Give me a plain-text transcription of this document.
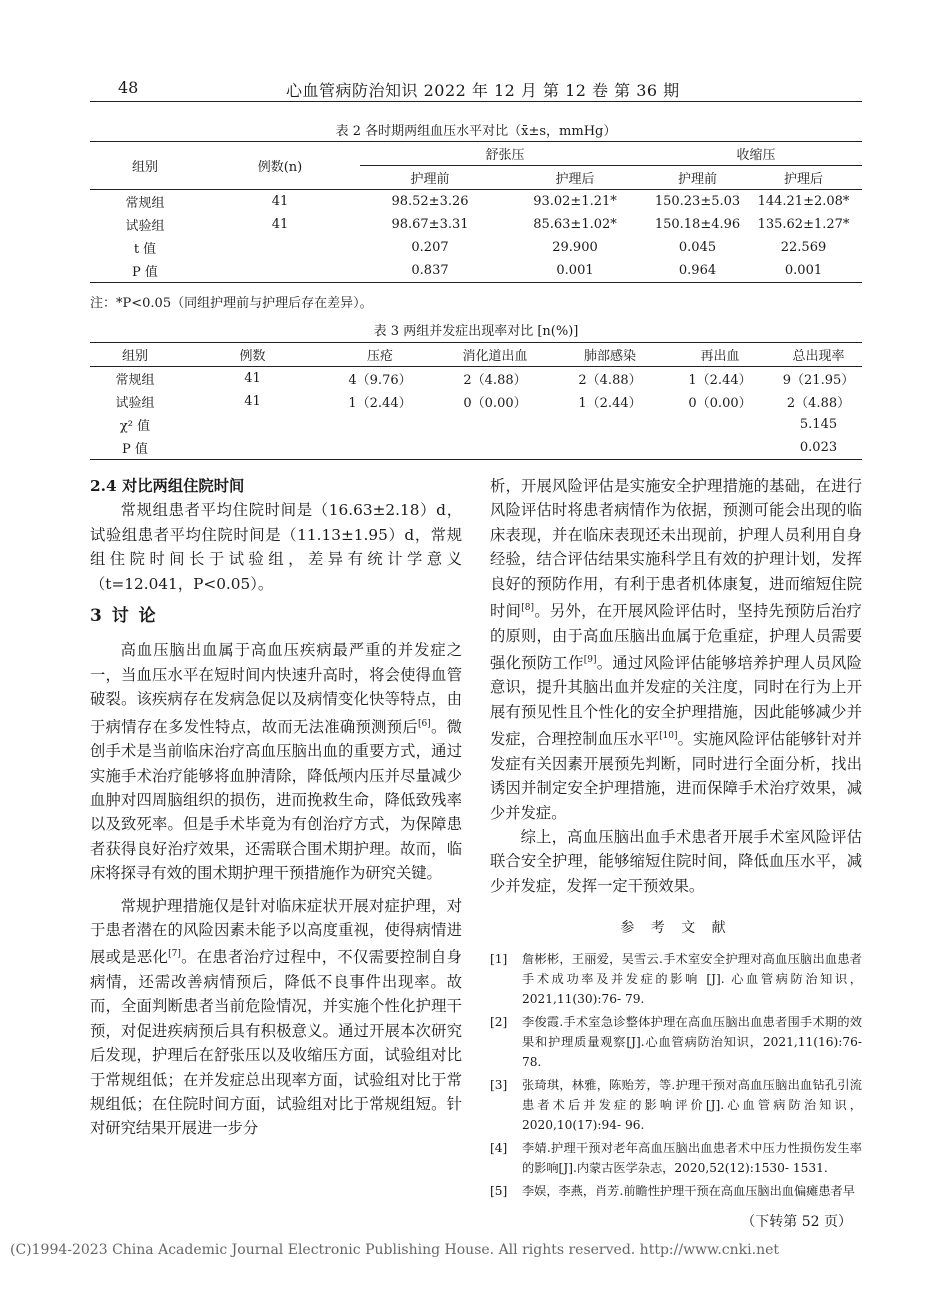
48	心血管病防治知识 2022 年 12 月 第 12 卷 第 36 期
表 2 各时期两组血压水平对比（x̄±s，mmHg）
组别	例数(n)	舒张压		收缩压	
		护理前	护理后	护理前	护理后
常规组	41	98.52±3.26	93.02±1.21*	150.23±5.03	144.21±2.08*
试验组	41	98.67±3.31	85.63±1.02*	150.18±4.96	135.62±1.27*
t 值		0.207	29.900	0.045	22.569
P 值		0.837	0.001	0.964	0.001
注：*P<0.05（同组护理前与护理后存在差异）。
表 3 两组并发症出现率对比 [n(%)]
组别	例数	压疮	消化道出血	肺部感染	再出血	总出现率
常规组	41	4（9.76）	2（4.88）	2（4.88）	1（2.44）	9（21.95）
试验组	41	1（2.44）	0（0.00）	1（2.44）	0（0.00）	2（4.88）
χ² 值						5.145
P 值						0.023

2.4 对比两组住院时间

常规组患者平均住院时间是（16.63±2.18）d，试验组患者平均住院时间是（11.13±1.95）d，常规组住院时间长于试验组，差异有统计学意义（t=12.041，P<0.05）。

3 讨 论

高血压脑出血属于高血压疾病最严重的并发症之一，当血压水平在短时间内快速升高时，将会使得血管破裂。该疾病存在发病急促以及病情变化快等特点，由于病情存在多发性特点，故而无法准确预测预后[6]。微创手术是当前临床治疗高血压脑出血的重要方式，通过实施手术治疗能够将血肿清除，降低颅内压并尽量减少血肿对四周脑组织的损伤，进而挽救生命，降低致残率以及致死率。但是手术毕竟为有创治疗方式，为保障患者获得良好治疗效果，还需联合围术期护理。故而，临床将探寻有效的围术期护理干预措施作为研究关键。

常规护理措施仅是针对临床症状开展对症护理，对于患者潜在的风险因素未能予以高度重视，使得病情进展或是恶化[7]。在患者治疗过程中，不仅需要控制自身病情，还需改善病情预后，降低不良事件出现率。故而，全面判断患者当前危险情况，并实施个性化护理干预，对促进疾病预后具有积极意义。通过开展本次研究后发现，护理后在舒张压以及收缩压方面，试验组对比于常规组低；在并发症总出现率方面，试验组对比于常规组低；在住院时间方面，试验组对比于常规组短。针对研究结果开展进一步分

析，开展风险评估是实施安全护理措施的基础，在进行风险评估时将患者病情作为依据，预测可能会出现的临床表现，并在临床表现还未出现前，护理人员利用自身经验，结合评估结果实施科学且有效的护理计划，发挥良好的预防作用，有利于患者机体康复，进而缩短住院时间[8]。另外，在开展风险评估时，坚持先预防后治疗的原则，由于高血压脑出血属于危重症，护理人员需要强化预防工作[9]。通过风险评估能够培养护理人员风险意识，提升其脑出血并发症的关注度，同时在行为上开展有预见性且个性化的安全护理措施，因此能够减少并发症，合理控制血压水平[10]。实施风险评估能够针对并发症有关因素开展预先判断，同时进行全面分析，找出诱因并制定安全护理措施，进而保障手术治疗效果，减少并发症。

综上，高血压脑出血手术患者开展手术室风险评估联合安全护理，能够缩短住院时间，降低血压水平，减少并发症，发挥一定干预效果。

参 考 文 献

[1]	詹彬彬，王丽爱，吴雪云.手术室安全护理对高血压脑出血患者手术成功率及并发症的影响 [J]. 心血管病防治知识，2021,11(30):76- 79.
[2]	李俊霞.手术室急诊整体护理在高血压脑出血患者围手术期的效果和护理质量观察[J].心血管病防治知识，2021,11(16):76- 78.
[3]	张琦琪，林雅，陈贻芳，等.护理干预对高血压脑出血钻孔引流患者术后并发症的影响评价[J].心血管病防治知识，2020,10(17):94- 96.
[4]	李婧.护理干预对老年高血压脑出血患者术中压力性损伤发生率的影响[J].内蒙古医学杂志，2020,52(12):1530- 1531.
[5]	李娱，李燕，肖芳.前瞻性护理干预在高血压脑出血偏瘫患者早
（下转第 52 页）
(C)1994-2023 China Academic Journal Electronic Publishing House. All rights reserved. http://www.cnki.net
